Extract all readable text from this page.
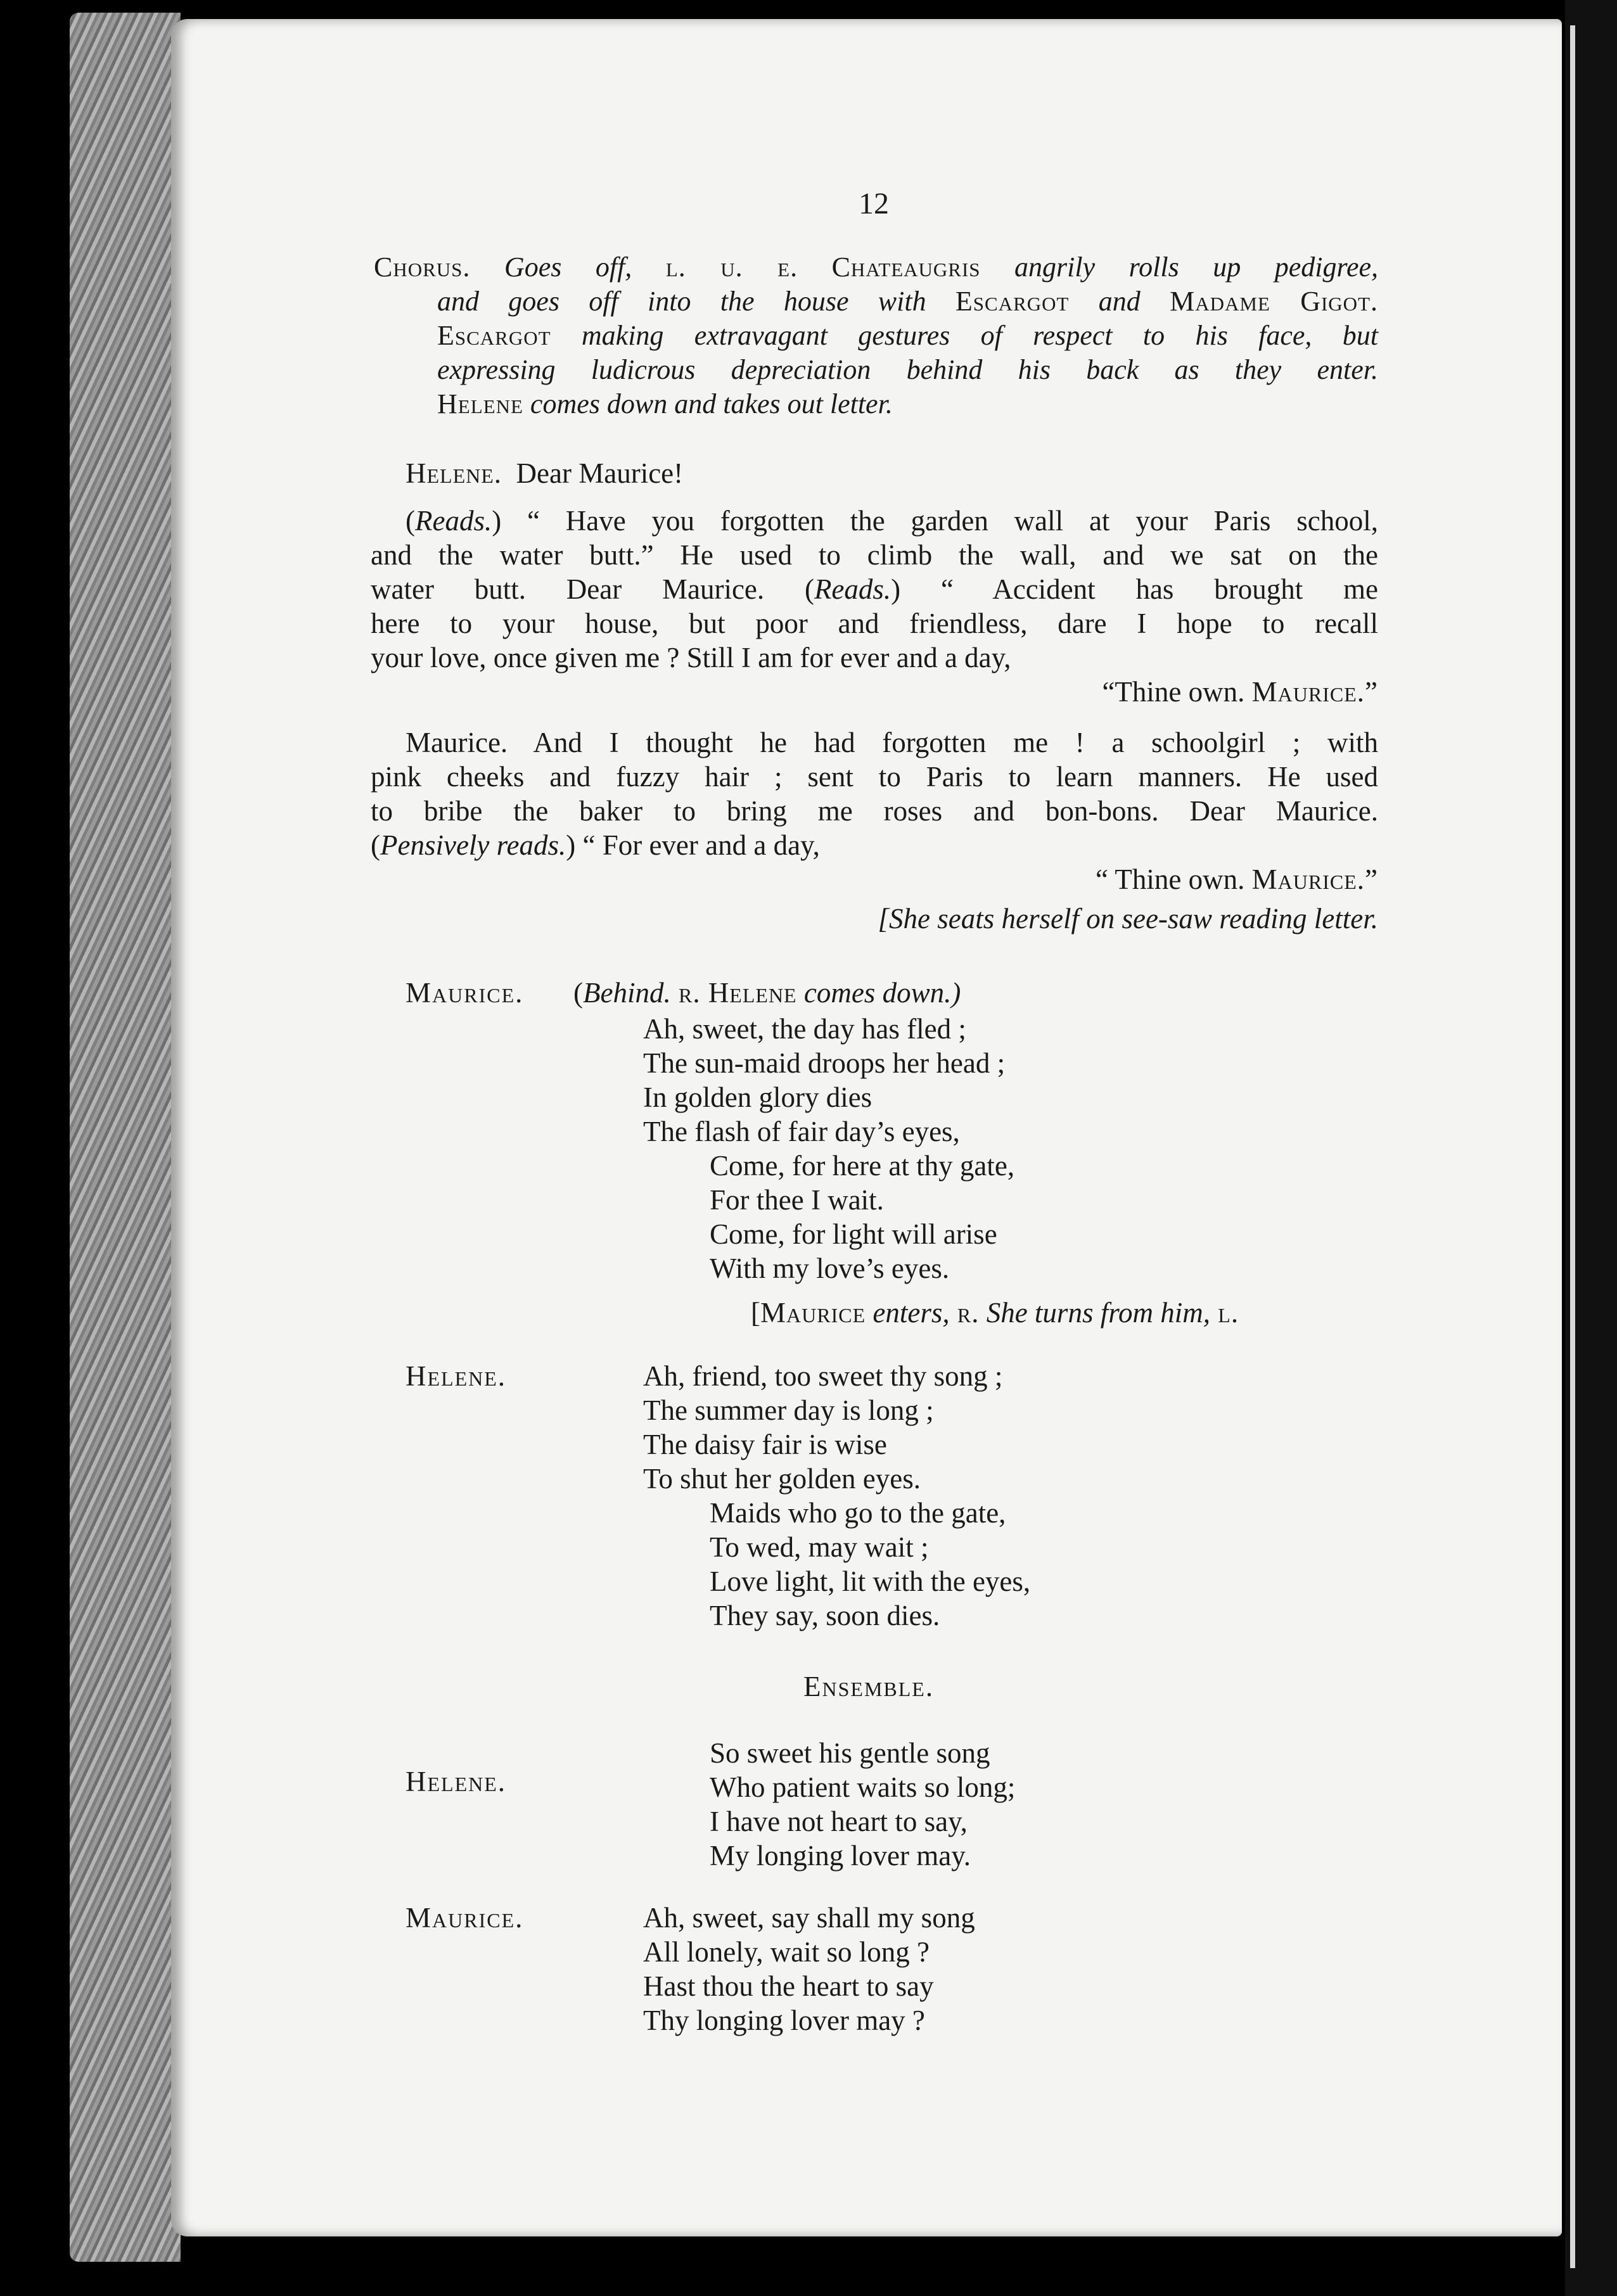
12
Chorus. Goes off, l. u. e. Chateaugris angrily rolls up pedigree,
and goes off into the house with Escargot and Madame Gigot.
Escargot making extravagant gestures of respect to his face, but
expressing ludicrous depreciation behind his back as they enter.
Helene comes down and takes out letter.
Helene. Dear Maurice!
(Reads.) “ Have you forgotten the garden wall at your Paris school,
and the water butt.” He used to climb the wall, and we sat on the
water butt. Dear Maurice. (Reads.) “ Accident has brought me
here to your house, but poor and friendless, dare I hope to recall
your love, once given me ? Still I am for ever and a day,
“Thine own. Maurice.”
Maurice. And I thought he had forgotten me ! a schoolgirl ; with
pink cheeks and fuzzy hair ; sent to Paris to learn manners. He used
to bribe the baker to bring me roses and bon-bons. Dear Maurice.
(Pensively reads.) “ For ever and a day,
“ Thine own. Maurice.”
[She seats herself on see-saw reading letter.
Maurice. (Behind. r. Helene comes down.)
Ah, sweet, the day has fled ;
The sun-maid droops her head ;
In golden glory dies
The flash of fair day’s eyes,
Come, for here at thy gate,
For thee I wait.
Come, for light will arise
With my love’s eyes.
[Maurice enters, r. She turns from him, l.
Helene.	Ah, friend, too sweet thy song ;
The summer day is long ;
The daisy fair is wise
To shut her golden eyes.
Maids who go to the gate,
To wed, may wait ;
Love light, lit with the eyes,
They say, soon dies.
Ensemble.
Helene.
So sweet his gentle song
Who patient waits so long;
I have not heart to say,
My longing lover may.
Maurice.	Ah, sweet, say shall my song
All lonely, wait so long ?
Hast thou the heart to say
Thy longing lover may ?
